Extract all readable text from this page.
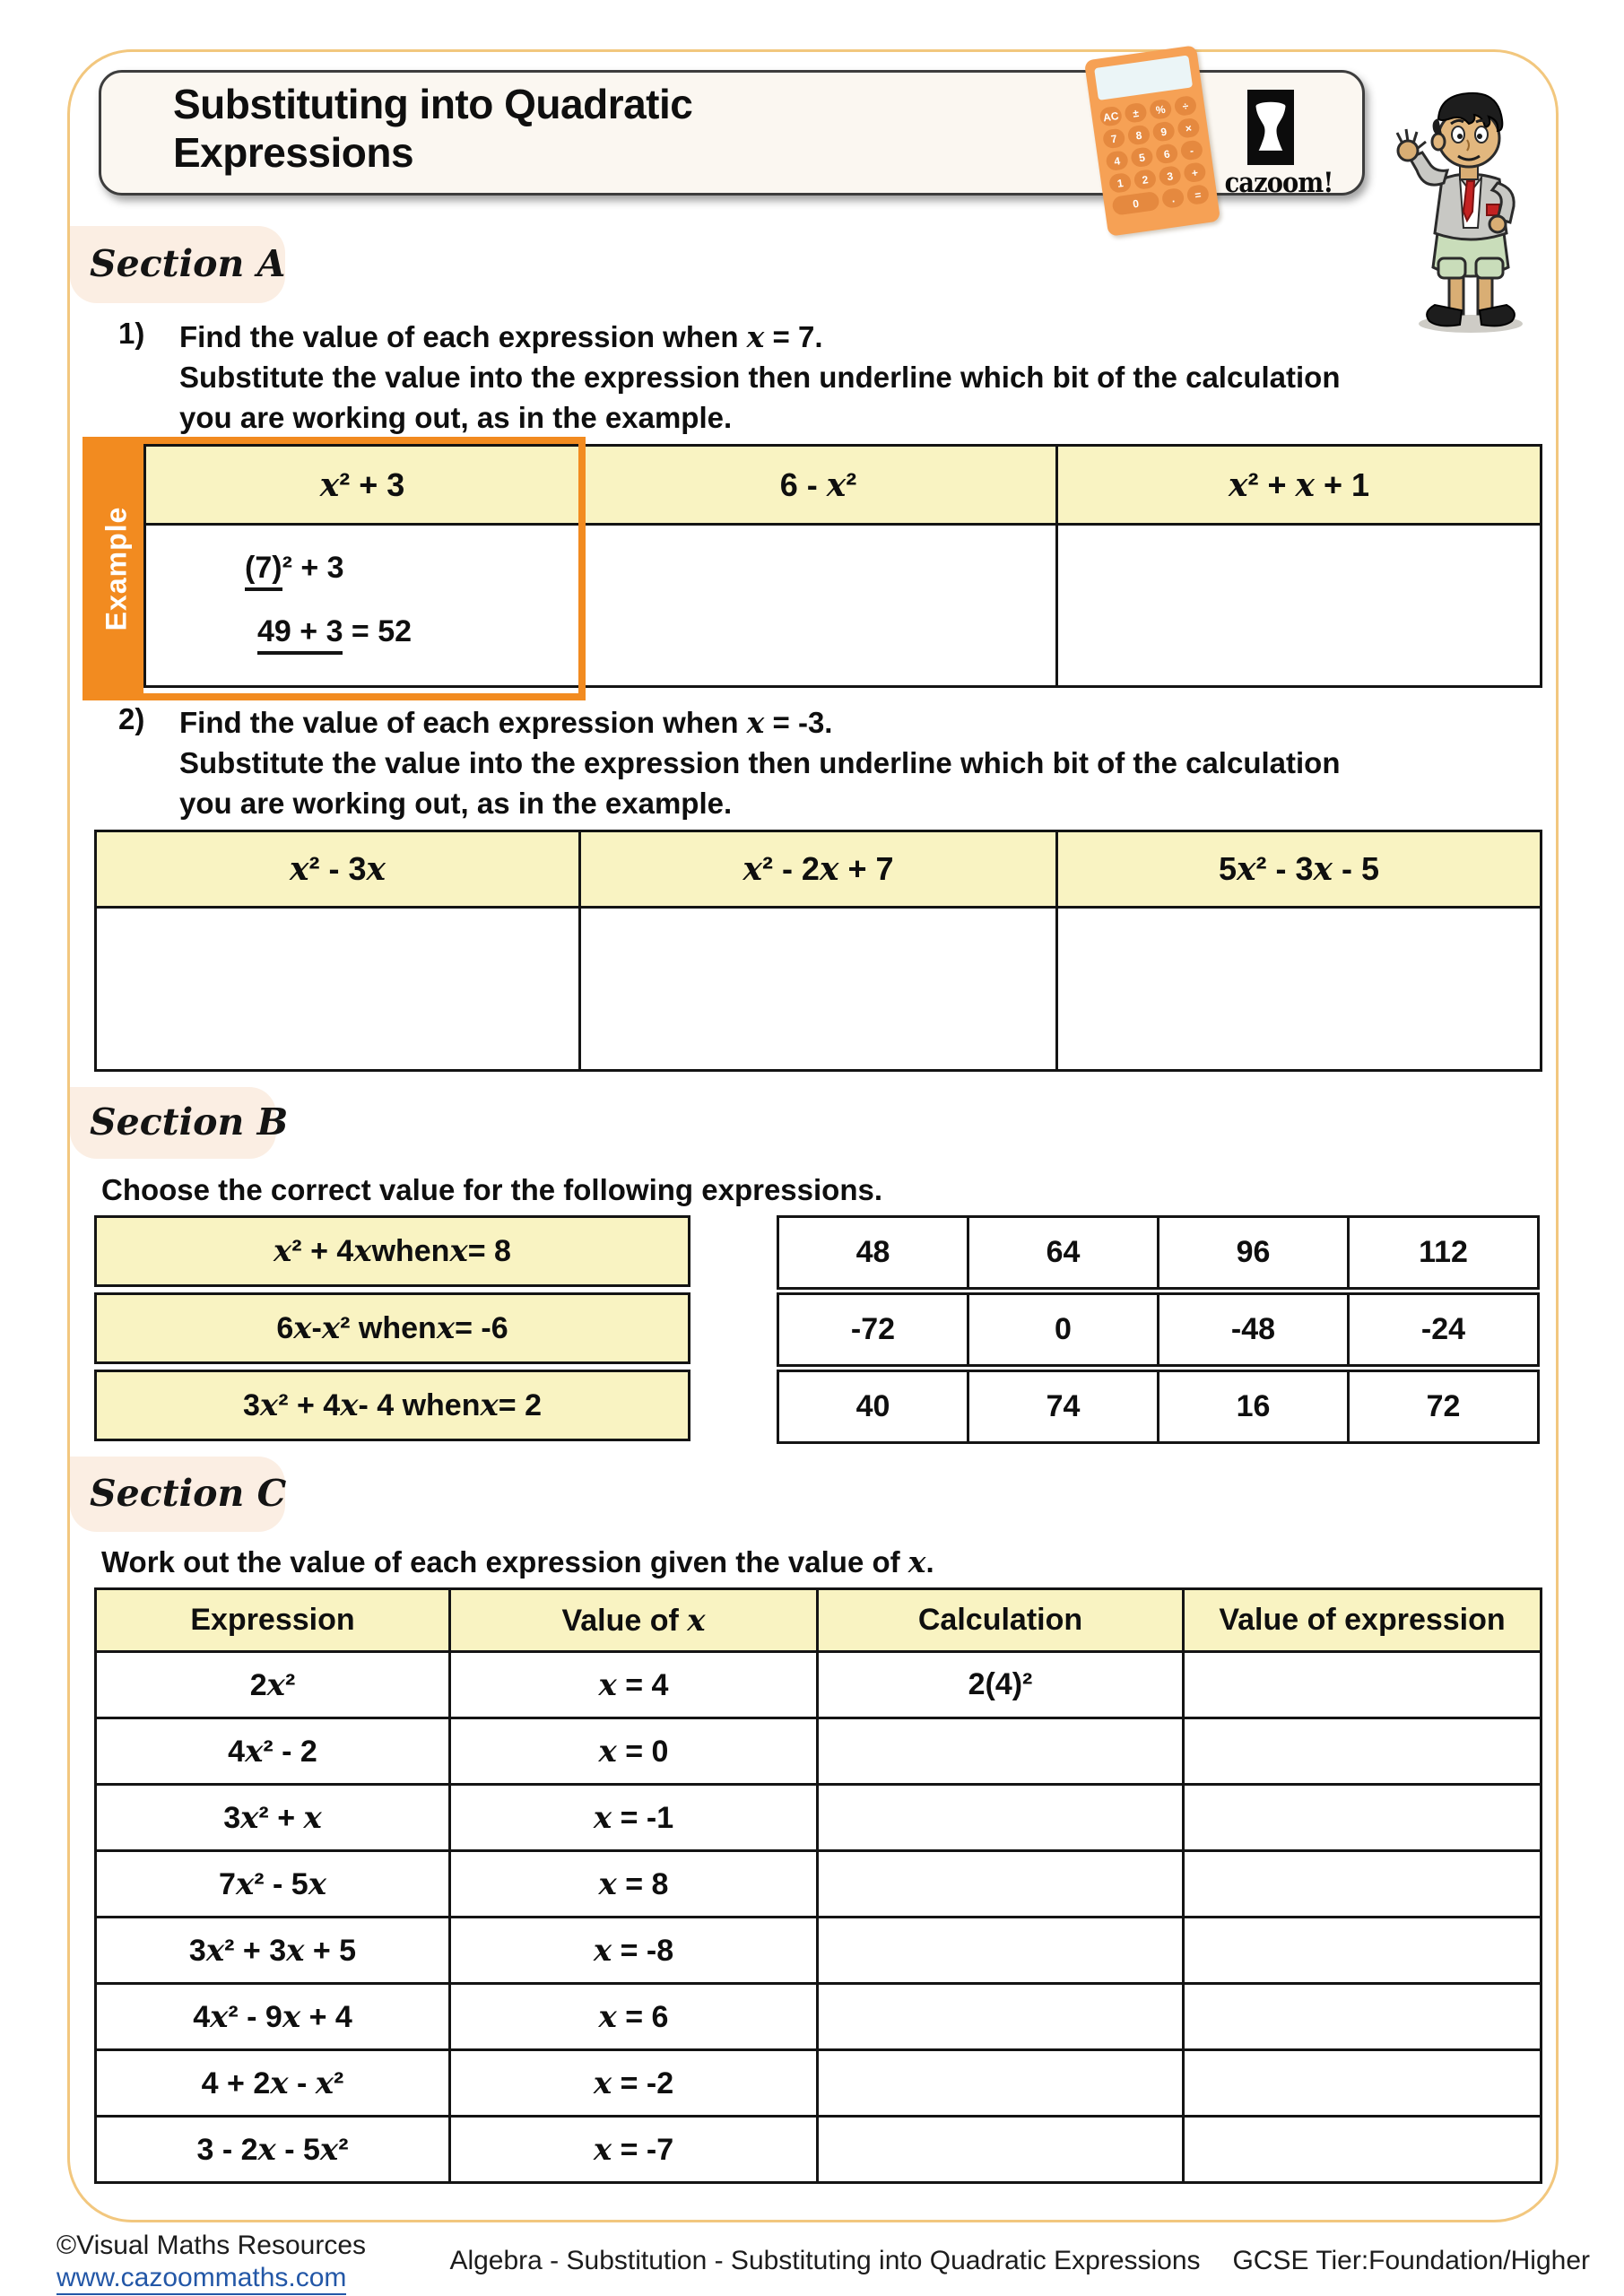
Substituting into Quadratic
Expressions
AC	±	%	÷
7	8	9	×
4	5	6	-
1	2	3	+
0	.	= cazoom!
Section A
1) Find the value of each expression when x = 7.
Substitute the value into the expression then underline which bit of the calculation
you are working out, as in the example.
x² + 3	6 - x²	x² + x + 1

(7)² + 3
49 + 3 = 52		

Example
2) Find the value of each expression when x = -3.
Substitute the value into the expression then underline which bit of the calculation
you are working out, as in the example.
x² - 3x	x² - 2x + 7	5x² - 3x - 5

Section B
Choose the correct value for the following expressions.
x ² + 4 x when x = 8
6 x - x ² when x = -6
3 x ² + 4 x - 4 when x = 2
48	64	96	112
-72	0	-48	-24
40	74	16	72
Section C
Work out the value of each expression given the value of x.
Expression	Value of x	Calculation	Value of expression
2x²	x = 4	2(4)²	
4x² - 2	x = 0		
3x² + x	x = -1		
7x² - 5x	x = 8		
3x² + 3x + 5	x = -8		
4x² - 9x + 4	x = 6		
4 + 2x - x²	x = -2		
3 - 2x - 5x²	x = -7		
©Visual Maths Resources
www.cazoommaths.com
Algebra - Substitution - Substituting into Quadratic Expressions	GCSE Tier:Foundation/Higher
